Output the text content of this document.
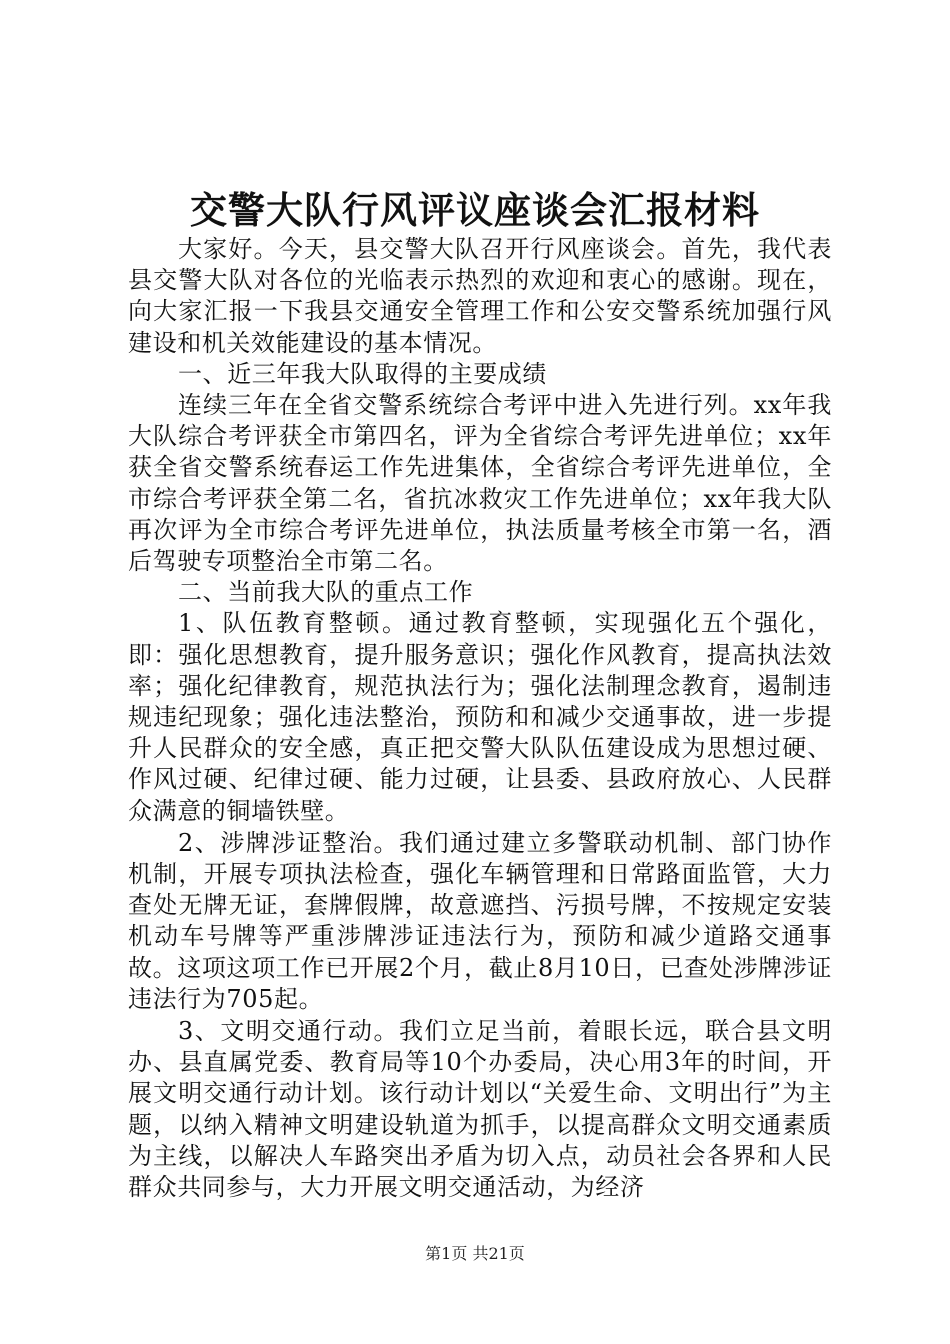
交警大队行风评议座谈会汇报材料

大家好。今天，县交警大队召开行风座谈会。首先，我代表县交警大队对各位的光临表示热烈的欢迎和衷心的感谢。现在，向大家汇报一下我县交通安全管理工作和公安交警系统加强行风建设和机关效能建设的基本情况。

一、近三年我大队取得的主要成绩

连续三年在全省交警系统综合考评中进入先进行列。xx年我大队综合考评获全市第四名，评为全省综合考评先进单位；xx年获全省交警系统春运工作先进集体，全省综合考评先进单位，全市综合考评获全第二名，省抗冰救灾工作先进单位；xx年我大队再次评为全市综合考评先进单位，执法质量考核全市第一名，酒后驾驶专项整治全市第二名。

二、当前我大队的重点工作

1、队伍教育整顿。通过教育整顿，实现强化五个强化，即：强化思想教育，提升服务意识；强化作风教育，提高执法效率；强化纪律教育，规范执法行为；强化法制理念教育，遏制违规违纪现象；强化违法整治，预防和和减少交通事故，进一步提升人民群众的安全感，真正把交警大队队伍建设成为思想过硬、作风过硬、纪律过硬、能力过硬，让县委、县政府放心、人民群众满意的铜墙铁壁。

2、涉牌涉证整治。我们通过建立多警联动机制、部门协作机制，开展专项执法检查，强化车辆管理和日常路面监管，大力查处无牌无证，套牌假牌，故意遮挡、污损号牌，不按规定安装机动车号牌等严重涉牌涉证违法行为，预防和减少道路交通事故。这项这项工作已开展2个月，截止8月10日，已查处涉牌涉证违法行为705起。

3、文明交通行动。我们立足当前，着眼长远，联合县文明办、县直属党委、教育局等10个办委局，决心用3年的时间，开展文明交通行动计划。该行动计划以“关爱生命、文明出行”为主题，以纳入精神文明建设轨道为抓手，以提高群众文明交通素质为主线，以解决人车路突出矛盾为切入点，动员社会各界和人民群众共同参与，大力开展文明交通活动，为经济

第1页 共21页
